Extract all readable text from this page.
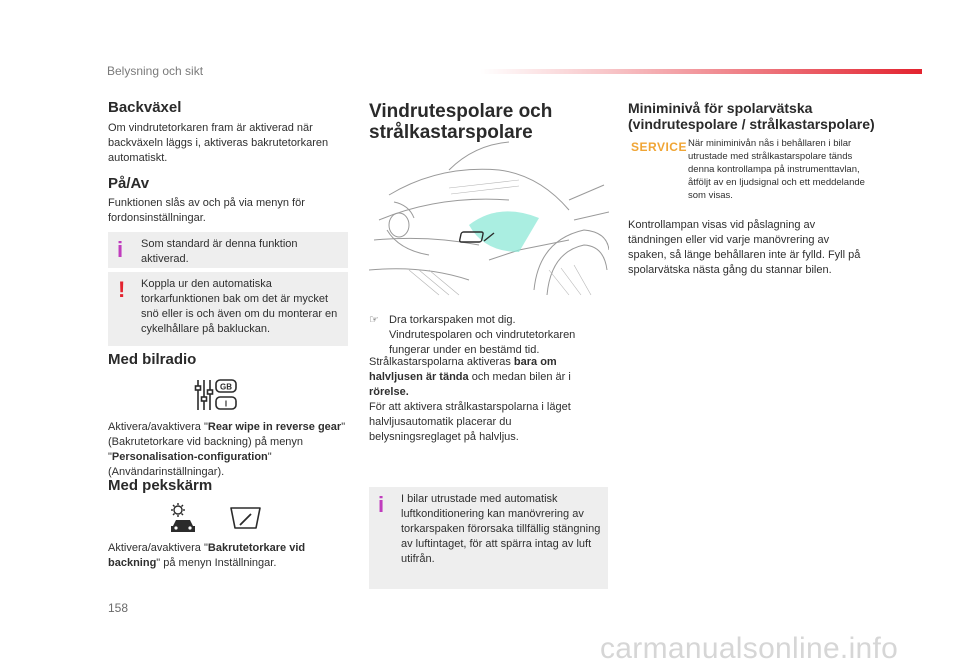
Belysning och sikt
Backväxel

Om vindrutetorkaren fram är aktiverad när backväxeln läggs i, aktiveras bakrutetorkaren automatiskt.

På/Av

Funktionen slås av och på via menyn för fordonsinställningar.

i Som standard är denna funktion aktiverad.

! Koppla ur den automatiska torkarfunktionen bak om det är mycket snö eller is och även om du monterar en cykelhållare på bakluckan.

Med bilradio
GB
I

Aktivera/avaktivera "Rear wipe in reverse gear" (Bakrutetorkare vid backning) på menyn "Personalisation-configuration" (Användarinställningar).

Med pekskärm

Aktivera/avaktivera "Bakrutetorkare vid backning" på menyn Inställningar.

Vindrutespolare och
strålkastarspolare
☞ Dra torkarspaken mot dig.
Vindrutespolaren och vindrutetorkaren fungerar under en bestämd tid.

Strålkastarspolarna aktiveras bara om halvljusen är tända och medan bilen är i rörelse.
För att aktivera strålkastarspolarna i läget halvljusautomatik placerar du belysningsreglaget på halvljus.

i I bilar utrustade med automatisk luftkonditionering kan manövrering av torkarspaken förorsaka tillfällig stängning av luftintaget, för att spärra intag av luft utifrån.

Miniminivå för spolarvätska
(vindrutespolare / strålkastarspolare)
SERVICE När miniminivån nås i behållaren i bilar utrustade med strålkastarspolare tänds denna kontrollampa på instrumenttavlan, åtföljt av en ljudsignal och ett meddelande som visas.

Kontrollampan visas vid påslagning av tändningen eller vid varje manövrering av spaken, så länge behållaren inte är fylld. Fyll på spolarvätska nästa gång du stannar bilen.

158
carmanualsonline.info
